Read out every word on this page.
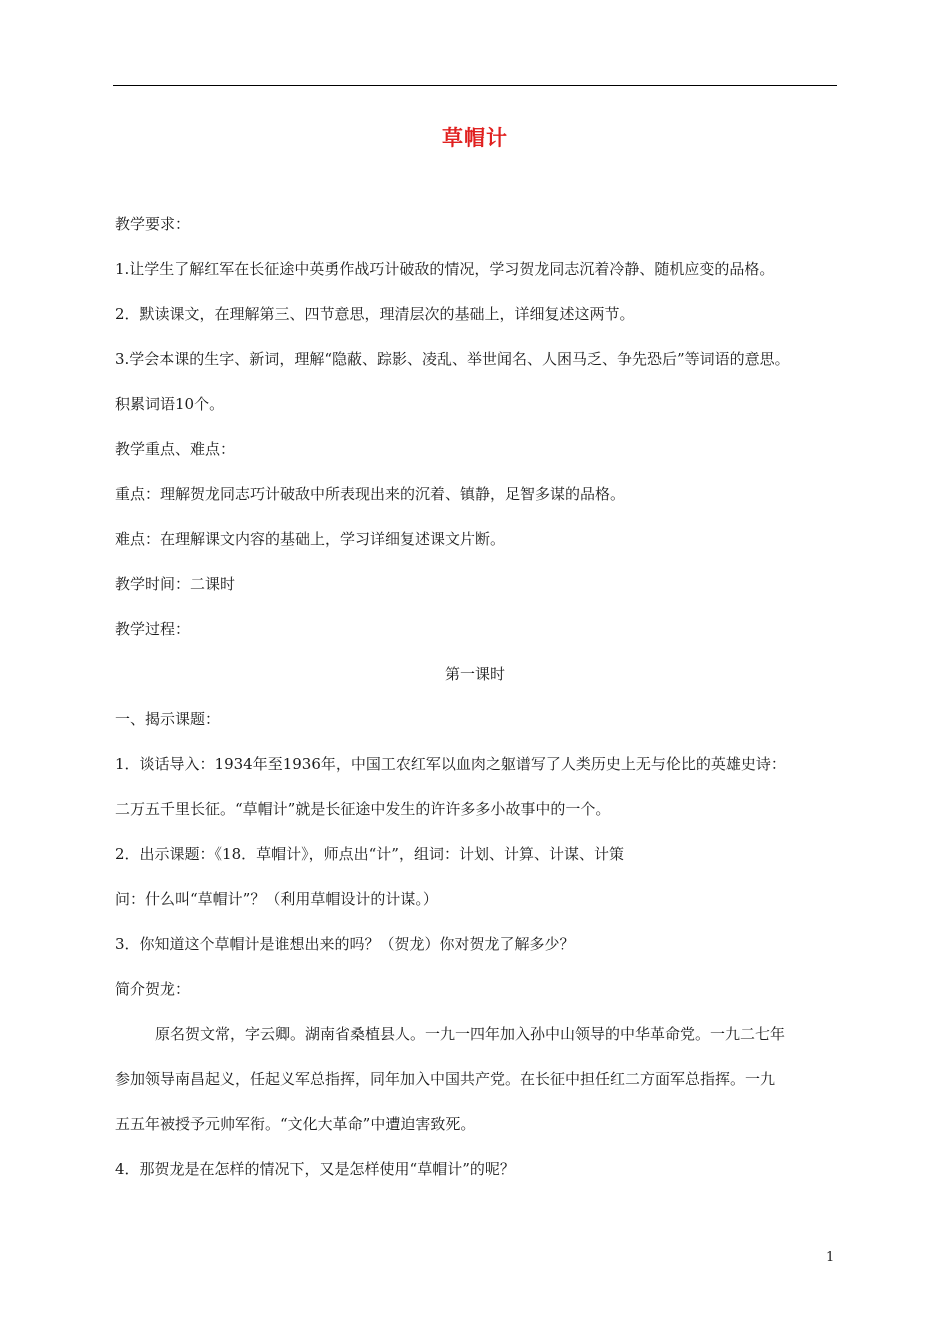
草帽计
教学要求：
1.让学生了解红军在长征途中英勇作战巧计破敌的情况，学习贺龙同志沉着冷静、随机应变的品格。
2．默读课文，在理解第三、四节意思，理清层次的基础上，详细复述这两节。
3.学会本课的生字、新词，理解“隐蔽、踪影、凌乱、举世闻名、人困马乏、争先恐后”等词语的意思。
积累词语10个。
教学重点、难点：
重点：理解贺龙同志巧计破敌中所表现出来的沉着、镇静，足智多谋的品格。
难点：在理解课文内容的基础上，学习详细复述课文片断。
教学时间：二课时
教学过程：
第一课时
一、揭示课题：
1．谈话导入：1934年至1936年，中国工农红军以血肉之躯谱写了人类历史上无与伦比的英雄史诗：
二万五千里长征。“草帽计”就是长征途中发生的许许多多小故事中的一个。
2．出示课题：《18．草帽计》，师点出“计”，组词：计划、计算、计谋、计策
问：什么叫“草帽计”？（利用草帽设计的计谋。）
3．你知道这个草帽计是谁想出来的吗？（贺龙）你对贺龙了解多少？
简介贺龙：
原名贺文常，字云卿。湖南省桑植县人。一九一四年加入孙中山领导的中华革命党。一九二七年
参加领导南昌起义，任起义军总指挥，同年加入中国共产党。在长征中担任红二方面军总指挥。一九
五五年被授予元帅军衔。“文化大革命”中遭迫害致死。
4．那贺龙是在怎样的情况下，又是怎样使用“草帽计”的呢？
1
